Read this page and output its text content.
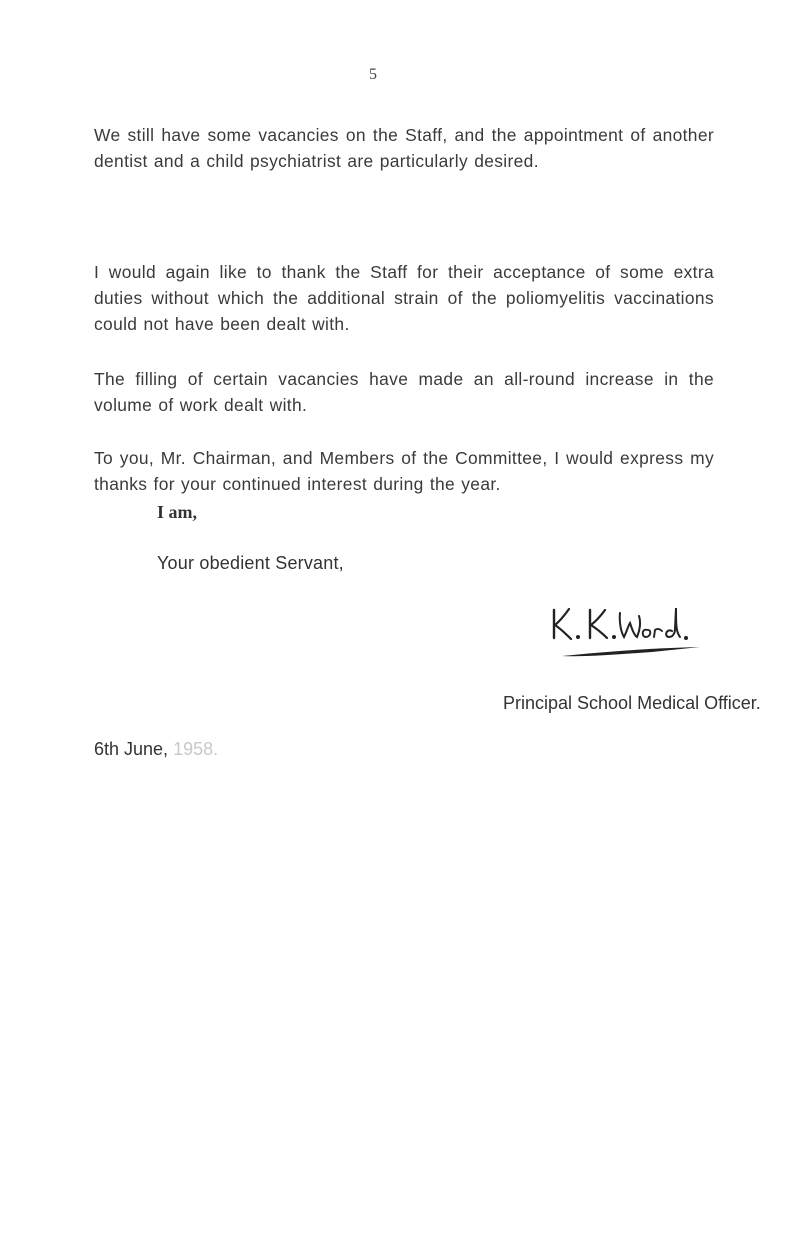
5

We still have some vacancies on the Staff, and the appointment of another dentist and a child psychiatrist are particularly desired.

I would again like to thank the Staff for their acceptance of some extra duties without which the additional strain of the poliomyelitis vaccinations could not have been dealt with.

The filling of certain vacancies have made an all-round increase in the volume of work dealt with.

To you, Mr. Chairman, and Members of the Committee, I would express my thanks for your continued interest during the year.

I am,
Your obedient Servant,
Principal School Medical Officer.
6th June, 1958.
